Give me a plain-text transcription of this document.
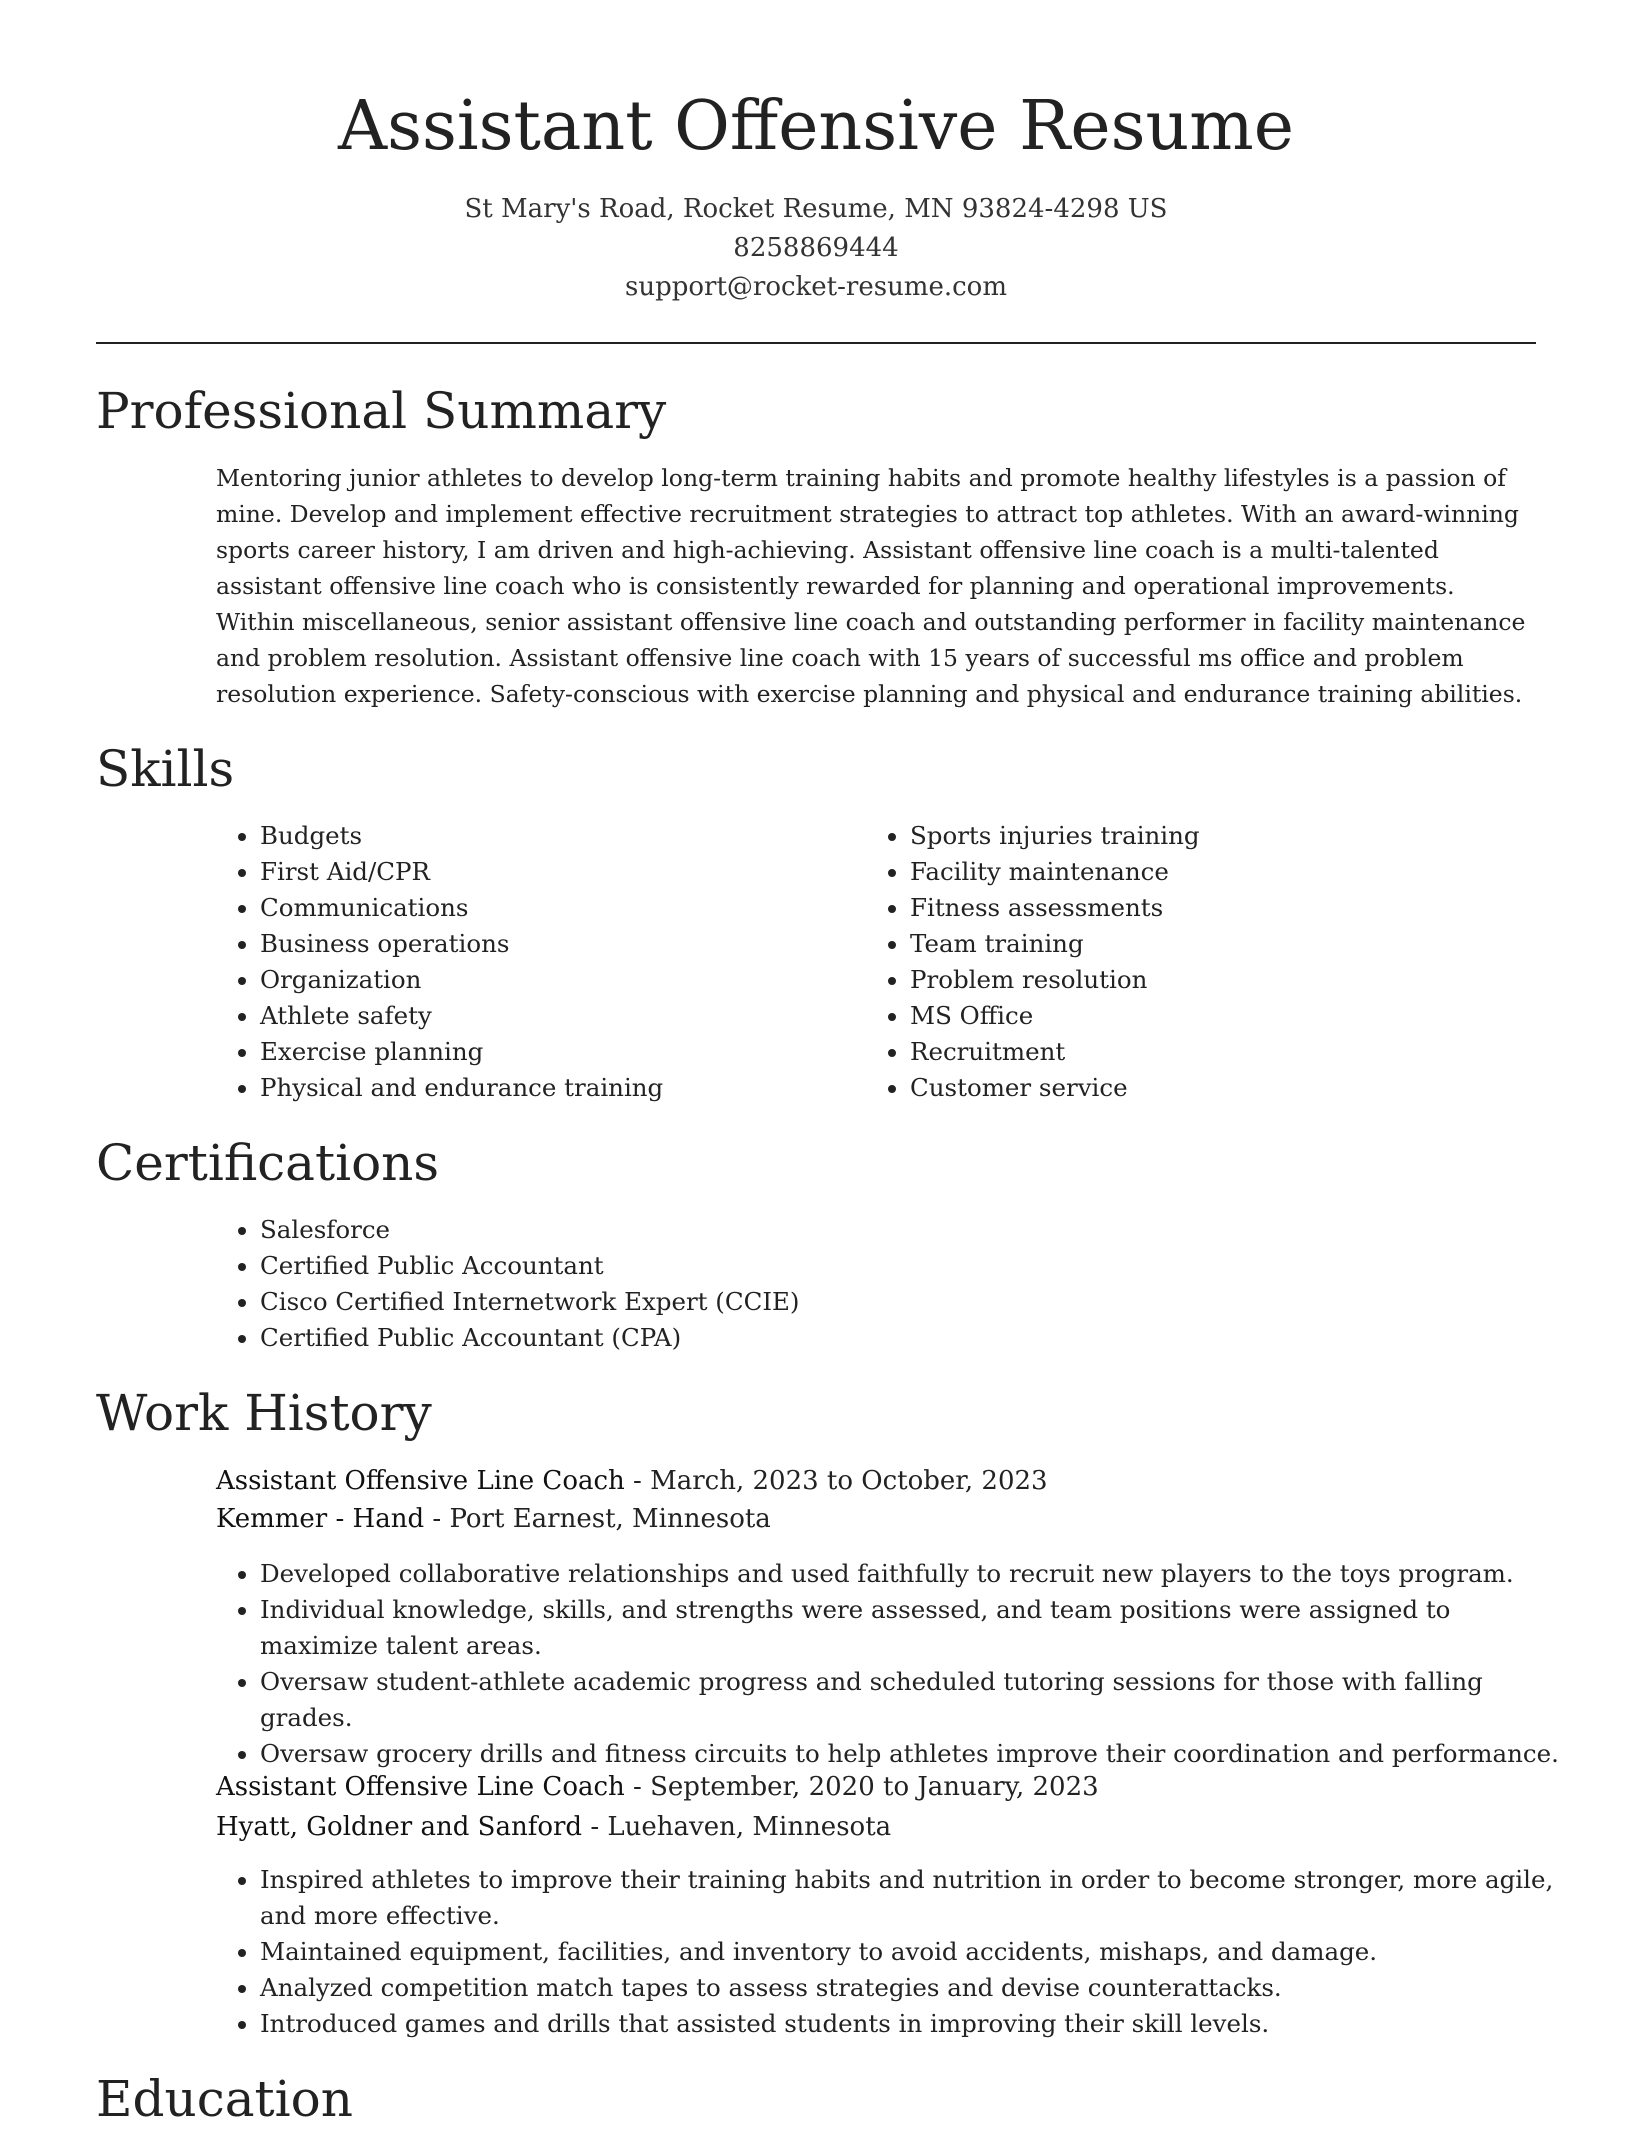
Assistant Offensive Resume
St Mary's Road, Rocket Resume, MN 93824-4298 US
8258869444
support@rocket-resume.com
Professional Summary

Mentoring junior athletes to develop long-term training habits and promote healthy lifestyles is a passion of mine. Develop and implement effective recruitment strategies to attract top athletes. With an award-winning sports career history, I am driven and high-achieving. Assistant offensive line coach is a multi-talented assistant offensive line coach who is consistently rewarded for planning and operational improvements. Within miscellaneous, senior assistant offensive line coach and outstanding performer in facility maintenance and problem resolution. Assistant offensive line coach with 15 years of successful ms office and problem resolution experience. Safety-conscious with exercise planning and physical and endurance training abilities.

Skills
• Budgets
• First Aid/CPR
• Communications
• Business operations
• Organization
• Athlete safety
• Exercise planning
• Physical and endurance training
• Sports injuries training
• Facility maintenance
• Fitness assessments
• Team training
• Problem resolution
• MS Office
• Recruitment
• Customer service
Certifications
• Salesforce
• Certified Public Accountant
• Cisco Certified Internetwork Expert (CCIE)
• Certified Public Accountant (CPA)
Work History
Assistant Offensive Line Coach - March, 2023 to October, 2023
Kemmer - Hand - Port Earnest, Minnesota
• Developed collaborative relationships and used faithfully to recruit new players to the toys program.
• Individual knowledge, skills, and strengths were assessed, and team positions were assigned to maximize talent areas.
• Oversaw student-athlete academic progress and scheduled tutoring sessions for those with falling grades.
• Oversaw grocery drills and fitness circuits to help athletes improve their coordination and performance.
Assistant Offensive Line Coach - September, 2020 to January, 2023
Hyatt, Goldner and Sanford - Luehaven, Minnesota
• Inspired athletes to improve their training habits and nutrition in order to become stronger, more agile, and more effective.
• Maintained equipment, facilities, and inventory to avoid accidents, mishaps, and damage.
• Analyzed competition match tapes to assess strategies and devise counterattacks.
• Introduced games and drills that assisted students in improving their skill levels.
Education
